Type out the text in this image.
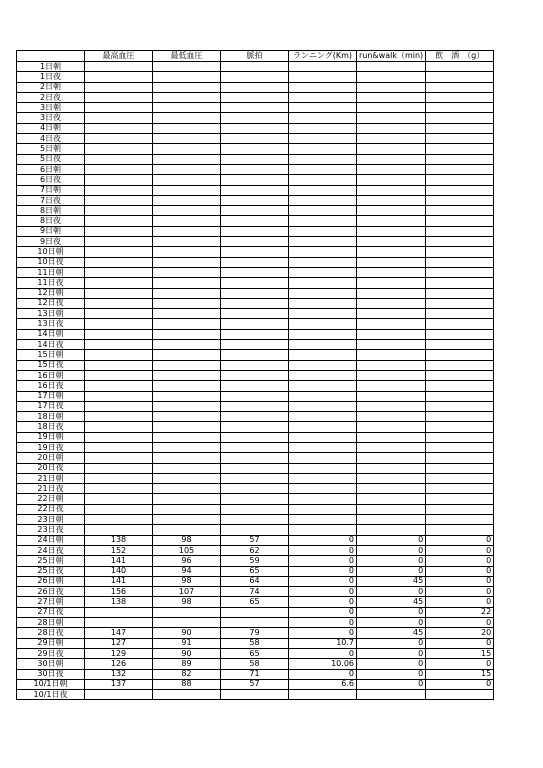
	最高血圧	最低血圧	脈拍	ランニング(Km)	run&walk（min)	飲　酒　（g）
1日朝						
1日夜						
2日朝						
2日夜						
3日朝						
3日夜						
4日朝						
4日夜						
5日朝						
5日夜						
6日朝						
6日夜						
7日朝						
7日夜						
8日朝						
8日夜						
9日朝						
9日夜						
10日朝						
10日夜						
11日朝						
11日夜						
12日朝						
12日夜						
13日朝						
13日夜						
14日朝						
14日夜						
15日朝						
15日夜						
16日朝						
16日夜						
17日朝						
17日夜						
18日朝						
18日夜						
19日朝						
19日夜						
20日朝						
20日夜						
21日朝						
21日夜						
22日朝						
22日夜						
23日朝						
23日夜						
24日朝	138	98	57	0	0	0
24日夜	152	105	62	0	0	0
25日朝	141	96	59	0	0	0
25日夜	140	94	65	0	0	0
26日朝	141	98	64	0	45	0
26日夜	156	107	74	0	0	0
27日朝	138	98	65	0	45	0
27日夜				0	0	22
28日朝				0	0	0
28日夜	147	90	79	0	45	20
29日朝	127	91	58	10.7	0	0
29日夜	129	90	65	0	0	15
30日朝	126	89	58	10.06	0	0
30日夜	132	82	71	0	0	15
10/1日朝	137	88	57	6.6	0	0
10/1日夜						
